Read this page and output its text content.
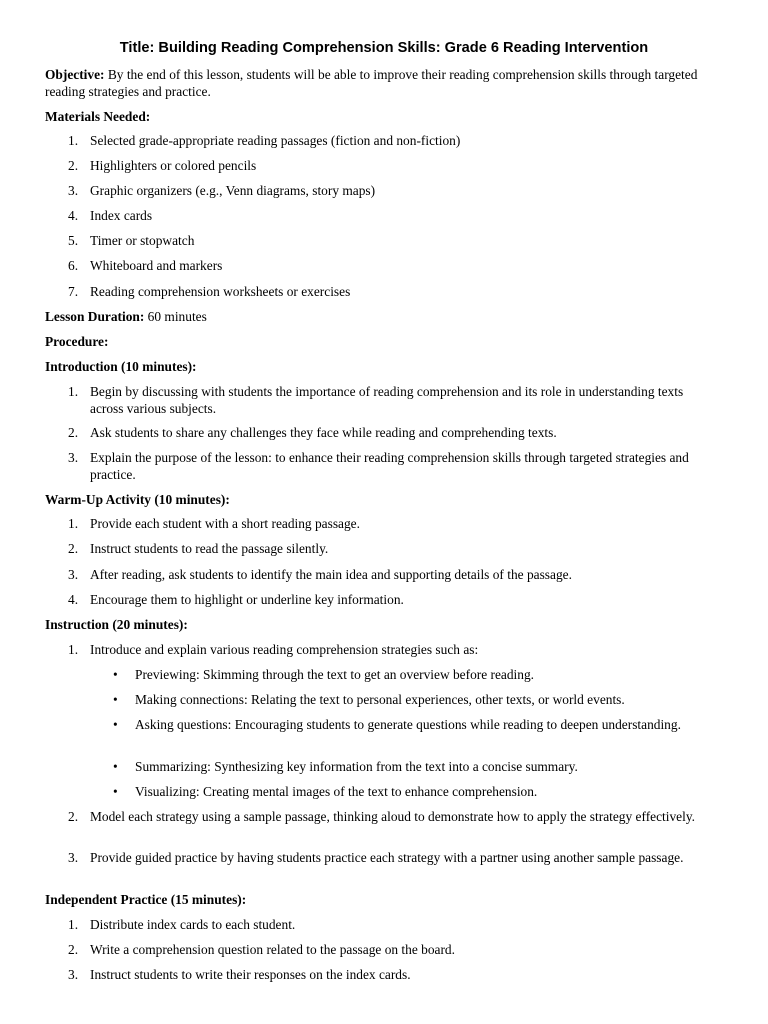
Title: Building Reading Comprehension Skills: Grade 6 Reading Intervention
Objective: By the end of this lesson, students will be able to improve their reading comprehension skills through targeted reading strategies and practice.
Materials Needed:
1. Selected grade-appropriate reading passages (fiction and non-fiction)
2. Highlighters or colored pencils
3. Graphic organizers (e.g., Venn diagrams, story maps)
4. Index cards
5. Timer or stopwatch
6. Whiteboard and markers
7. Reading comprehension worksheets or exercises
Lesson Duration: 60 minutes
Procedure:
Introduction (10 minutes):
1. Begin by discussing with students the importance of reading comprehension and its role in understanding texts across various subjects.
2. Ask students to share any challenges they face while reading and comprehending texts.
3. Explain the purpose of the lesson: to enhance their reading comprehension skills through targeted strategies and practice.
Warm-Up Activity (10 minutes):
1. Provide each student with a short reading passage.
2. Instruct students to read the passage silently.
3. After reading, ask students to identify the main idea and supporting details of the passage.
4. Encourage them to highlight or underline key information.
Instruction (20 minutes):
1. Introduce and explain various reading comprehension strategies such as:
•	Previewing: Skimming through the text to get an overview before reading.
•	Making connections: Relating the text to personal experiences, other texts, or world events.
•	Asking questions: Encouraging students to generate questions while reading to deepen understanding.
•	Summarizing: Synthesizing key information from the text into a concise summary.
•	Visualizing: Creating mental images of the text to enhance comprehension.
2. Model each strategy using a sample passage, thinking aloud to demonstrate how to apply the strategy effectively.
3. Provide guided practice by having students practice each strategy with a partner using another sample passage.
Independent Practice (15 minutes):
1. Distribute index cards to each student.
2. Write a comprehension question related to the passage on the board.
3. Instruct students to write their responses on the index cards.
